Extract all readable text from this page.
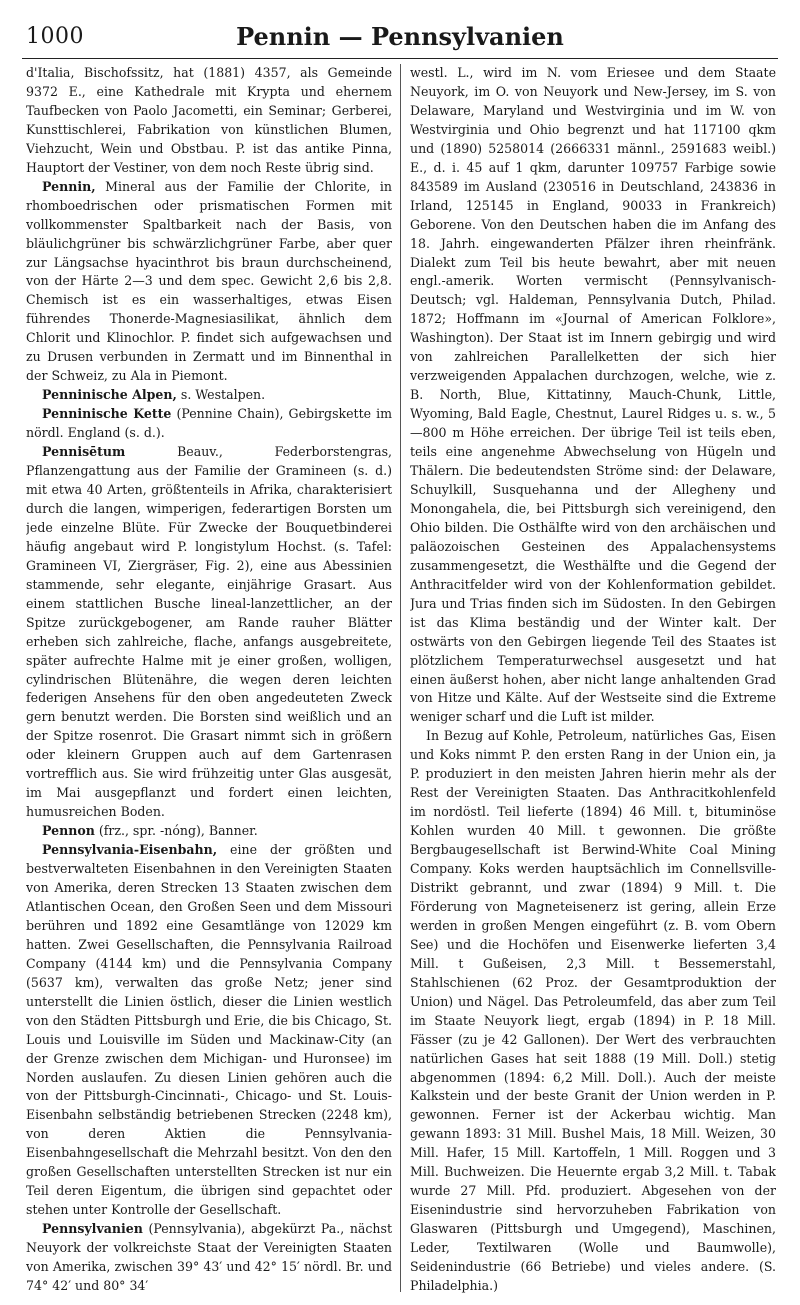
1000	Pennin — Pennsylvanien

d'Italia, Bischofssitz, hat (1881) 4357, als Gemeinde 9372 E., eine Kathedrale mit Krypta und ehernem Taufbecken von Paolo Jacometti, ein Seminar; Gerberei, Kunsttischlerei, Fabrikation von künstlichen Blumen, Viehzucht, Wein und Obstbau. P. ist das antike Pinna, Hauptort der Vestiner, von dem noch Reste übrig sind.

Pennin, Mineral aus der Familie der Chlorite, in rhomboedrischen oder prismatischen Formen mit vollkommenster Spaltbarkeit nach der Basis, von bläulichgrüner bis schwärzlichgrüner Farbe, aber quer zur Längsachse hyacinthrot bis braun durchscheinend, von der Härte 2—3 und dem spec. Gewicht 2,6 bis 2,8. Chemisch ist es ein wasserhaltiges, etwas Eisen führendes Thonerde-Magnesiasilikat, ähnlich dem Chlorit und Klinochlor. P. findet sich aufgewachsen und zu Drusen verbunden in Zermatt und im Binnenthal in der Schweiz, zu Ala in Piemont.

Penninische Alpen, s. Westalpen.

Penninische Kette (Pennine Chain), Gebirgskette im nördl. England (s. d.).

Pennisētum Beauv., Federborstengras, Pflanzengattung aus der Familie der Gramineen (s. d.) mit etwa 40 Arten, größtenteils in Afrika, charakterisiert durch die langen, wimperigen, federartigen Borsten um jede einzelne Blüte. Für Zwecke der Bouquetbinderei häufig angebaut wird P. longistylum Hochst. (s. Tafel: Gramineen VI, Ziergräser, Fig. 2), eine aus Abessinien stammende, sehr elegante, einjährige Grasart. Aus einem stattlichen Busche lineal-lanzettlicher, an der Spitze zurückgebogener, am Rande rauher Blätter erheben sich zahlreiche, flache, anfangs ausgebreitete, später aufrechte Halme mit je einer großen, wolligen, cylindrischen Blütenähre, die wegen deren leichten federigen Ansehens für den oben angedeuteten Zweck gern benutzt werden. Die Borsten sind weißlich und an der Spitze rosenrot. Die Grasart nimmt sich in größern oder kleinern Gruppen auch auf dem Gartenrasen vortrefflich aus. Sie wird frühzeitig unter Glas ausgesät, im Mai ausgepflanzt und fordert einen leichten, humusreichen Boden.

Pennon (frz., spr. -nóng), Banner.

Pennsylvania-Eisenbahn, eine der größten und bestverwalteten Eisenbahnen in den Vereinigten Staaten von Amerika, deren Strecken 13 Staaten zwischen dem Atlantischen Ocean, den Großen Seen und dem Missouri berühren und 1892 eine Gesamtlänge von 12029 km hatten. Zwei Gesellschaften, die Pennsylvania Railroad Company (4144 km) und die Pennsylvania Company (5637 km), verwalten das große Netz; jener sind unterstellt die Linien östlich, dieser die Linien westlich von den Städten Pittsburgh und Erie, die bis Chicago, St. Louis und Louisville im Süden und Mackinaw-City (an der Grenze zwischen dem Michigan- und Huronsee) im Norden auslaufen. Zu diesen Linien gehören auch die von der Pittsburgh-Cincinnati-, Chicago- und St. Louis-Eisenbahn selbständig betriebenen Strecken (2248 km), von deren Aktien die Pennsylvania-Eisenbahngesellschaft die Mehrzahl besitzt. Von den den großen Gesellschaften unterstellten Strecken ist nur ein Teil deren Eigentum, die übrigen sind gepachtet oder stehen unter Kontrolle der Gesellschaft.

Pennsylvanien (Pennsylvania), abgekürzt Pa., nächst Neuyork der volkreichste Staat der Vereinigten Staaten von Amerika, zwischen 39° 43′ und 42° 15′ nördl. Br. und 74° 42′ und 80° 34′

westl. L., wird im N. vom Eriesee und dem Staate Neuyork, im O. von Neuyork und New-Jersey, im S. von Delaware, Maryland und Westvirginia und im W. von Westvirginia und Ohio begrenzt und hat 117100 qkm und (1890) 5258014 (2666331 männl., 2591683 weibl.) E., d. i. 45 auf 1 qkm, darunter 109757 Farbige sowie 843589 im Ausland (230516 in Deutschland, 243836 in Irland, 125145 in England, 90033 in Frankreich) Geborene. Von den Deutschen haben die im Anfang des 18. Jahrh. eingewanderten Pfälzer ihren rheinfränk. Dialekt zum Teil bis heute bewahrt, aber mit neuen engl.-amerik. Worten vermischt (Pennsylvanisch-Deutsch; vgl. Haldeman, Pennsylvania Dutch, Philad. 1872; Hoffmann im «Journal of American Folklore», Washington). Der Staat ist im Innern gebirgig und wird von zahlreichen Parallelketten der sich hier verzweigenden Appalachen durchzogen, welche, wie z. B. North, Blue, Kittatinny, Mauch-Chunk, Little, Wyoming, Bald Eagle, Chestnut, Laurel Ridges u. s. w., 5—800 m Höhe erreichen. Der übrige Teil ist teils eben, teils eine angenehme Abwechselung von Hügeln und Thälern. Die bedeutendsten Ströme sind: der Delaware, Schuylkill, Susquehanna und der Allegheny und Monongahela, die, bei Pittsburgh sich vereinigend, den Ohio bilden. Die Osthälfte wird von den archäischen und paläozoischen Gesteinen des Appalachensystems zusammengesetzt, die Westhälfte und die Gegend der Anthracitfelder wird von der Kohlenformation gebildet. Jura und Trias finden sich im Südosten. In den Gebirgen ist das Klima beständig und der Winter kalt. Der ostwärts von den Gebirgen liegende Teil des Staates ist plötzlichem Temperaturwechsel ausgesetzt und hat einen äußerst hohen, aber nicht lange anhaltenden Grad von Hitze und Kälte. Auf der Westseite sind die Extreme weniger scharf und die Luft ist milder.

In Bezug auf Kohle, Petroleum, natürliches Gas, Eisen und Koks nimmt P. den ersten Rang in der Union ein, ja P. produziert in den meisten Jahren hierin mehr als der Rest der Vereinigten Staaten. Das Anthracitkohlenfeld im nordöstl. Teil lieferte (1894) 46 Mill. t, bituminöse Kohlen wurden 40 Mill. t gewonnen. Die größte Bergbaugesellschaft ist Berwind-White Coal Mining Company. Koks werden hauptsächlich im Connellsville-Distrikt gebrannt, und zwar (1894) 9 Mill. t. Die Förderung von Magneteisenerz ist gering, allein Erze werden in großen Mengen eingeführt (z. B. vom Obern See) und die Hochöfen und Eisenwerke lieferten 3,4 Mill. t Gußeisen, 2,3 Mill. t Bessemerstahl, Stahlschienen (62 Proz. der Gesamtproduktion der Union) und Nägel. Das Petroleumfeld, das aber zum Teil im Staate Neuyork liegt, ergab (1894) in P. 18 Mill. Fässer (zu je 42 Gallonen). Der Wert des verbrauchten natürlichen Gases hat seit 1888 (19 Mill. Doll.) stetig abgenommen (1894: 6,2 Mill. Doll.). Auch der meiste Kalkstein und der beste Granit der Union werden in P. gewonnen. Ferner ist der Ackerbau wichtig. Man gewann 1893: 31 Mill. Bushel Mais, 18 Mill. Weizen, 30 Mill. Hafer, 15 Mill. Kartoffeln, 1 Mill. Roggen und 3 Mill. Buchweizen. Die Heuernte ergab 3,2 Mill. t. Tabak wurde 27 Mill. Pfd. produziert. Abgesehen von der Eisenindustrie sind hervorzuheben Fabrikation von Glaswaren (Pittsburgh und Umgegend), Maschinen, Leder, Textilwaren (Wolle und Baumwolle), Seidenindustrie (66 Betriebe) und vieles andere. (S. Philadelphia.)
